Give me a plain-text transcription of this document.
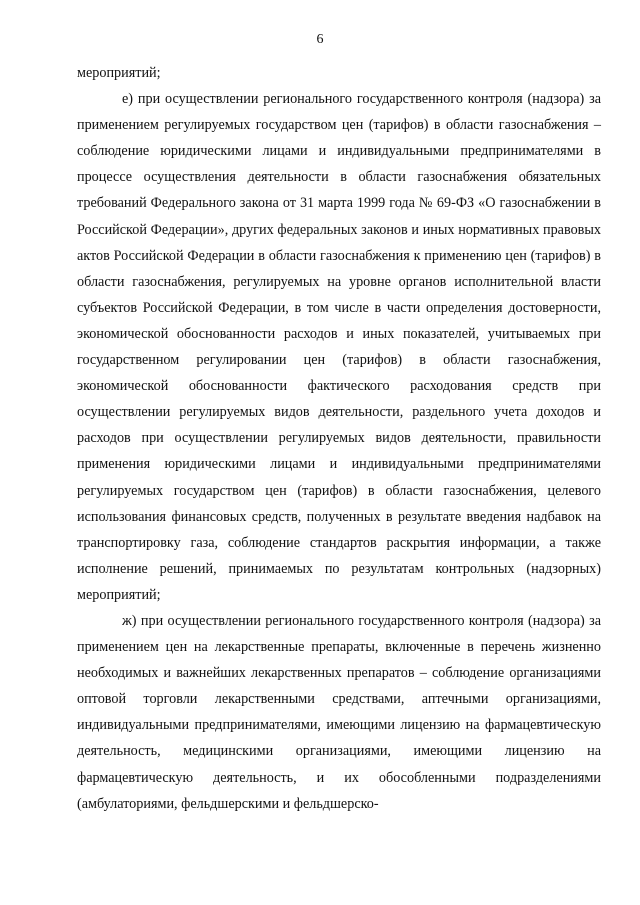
6

мероприятий;

е) при осуществлении регионального государственного контроля (надзора) за применением регулируемых государством цен (тарифов) в области газоснабжения – соблюдение юридическими лицами и индивидуальными предпринимателями в процессе осуществления деятельности в области газоснабжения обязательных требований Федерального закона от 31 марта 1999 года № 69-ФЗ «О газоснабжении в Российской Федерации», других федеральных законов и иных нормативных правовых актов Российской Федерации в области газоснабжения к применению цен (тарифов) в области газоснабжения, регулируемых на уровне органов исполнительной власти субъектов Российской Федерации, в том числе в части определения достоверности, экономической обоснованности расходов и иных показателей, учитываемых при государственном регулировании цен (тарифов) в области газоснабжения, экономической обоснованности фактического расходования средств при осуществлении регулируемых видов деятельности, раздельного учета доходов и расходов при осуществлении регулируемых видов деятельности, правильности применения юридическими лицами и индивидуальными предпринимателями регулируемых государством цен (тарифов) в области газоснабжения, целевого использования финансовых средств, полученных в результате введения надбавок на транспортировку газа, соблюдение стандартов раскрытия информации, а также исполнение решений, принимаемых по результатам контрольных (надзорных) мероприятий;

ж) при осуществлении регионального государственного контроля (надзора) за применением цен на лекарственные препараты, включенные в перечень жизненно необходимых и важнейших лекарственных препаратов – соблюдение организациями оптовой торговли лекарственными средствами, аптечными организациями, индивидуальными предпринимателями, имеющими лицензию на фармацевтическую деятельность, медицинскими организациями, имеющими лицензию на фармацевтическую деятельность, и их обособленными подразделениями (амбулаториями, фельдшерскими и фельдшерско-
